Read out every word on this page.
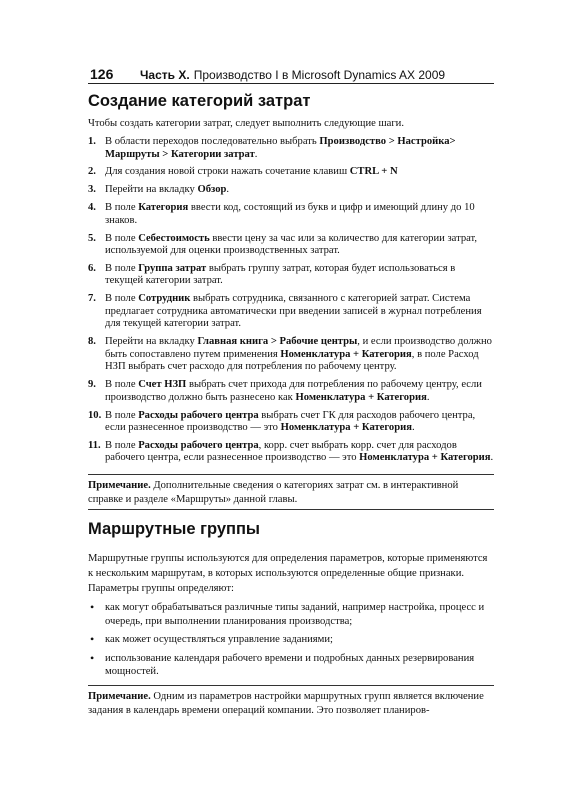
126	Часть X. Производство I в Microsoft Dynamics AX 2009
Создание категорий затрат

Чтобы создать категории затрат, следует выполнить следующие шаги.

1. В области переходов последовательно выбрать Производство > Настройка> Маршруты > Категории затрат.
2. Для создания новой строки нажать сочетание клавиш CTRL + N
3. Перейти на вкладку Обзор.
4. В поле Категория ввести код, состоящий из букв и цифр и имеющий длину до 10 знаков.
5. В поле Себестоимость ввести цену за час или за количество для категории затрат, используемой для оценки производственных затрат.
6. В поле Группа затрат выбрать группу затрат, которая будет использоваться в текущей категории затрат.
7. В поле Сотрудник выбрать сотрудника, связанного с категорией затрат. Система предлагает сотрудника автоматически при введении записей в журнал потребления для текущей категории затрат.
8. Перейти на вкладку Главная книга > Рабочие центры, и если производство должно быть сопоставлено путем применения Номенклатура + Категория, в поле Расход НЗП выбрать счет расходо для потребления по рабочему центру.
9. В поле Счет НЗП выбрать счет прихода для потребления по рабочему центру, если производство должно быть разнесено как Номенклатура + Категория.
10. В поле Расходы рабочего центра выбрать счет ГК для расходов рабочего центра, если разнесенное производство — это Номенклатура + Категория.
11. В поле Расходы рабочего центра, корр. счет выбрать корр. счет для расходов рабочего центра, если разнесенное производство — это Номенклатура + Категория.

Примечание. Дополнительные сведения о категориях затрат см. в интерактивной справке и разделе «Маршруты» данной главы.

Маршрутные группы

Маршрутные группы используются для определения параметров, которые применяются к нескольким маршрутам, в которых используются определенные общие признаки. Параметры группы определяют:

• как могут обрабатываться различные типы заданий, например настройка, процесс и очередь, при выполнении планирования производства;
• как может осуществляться управление заданиями;
• использование календаря рабочего времени и подробных данных резервирования мощностей.

Примечание. Одним из параметров настройки маршрутных групп является включение задания в календарь времени операций компании. Это позволяет планиров-
